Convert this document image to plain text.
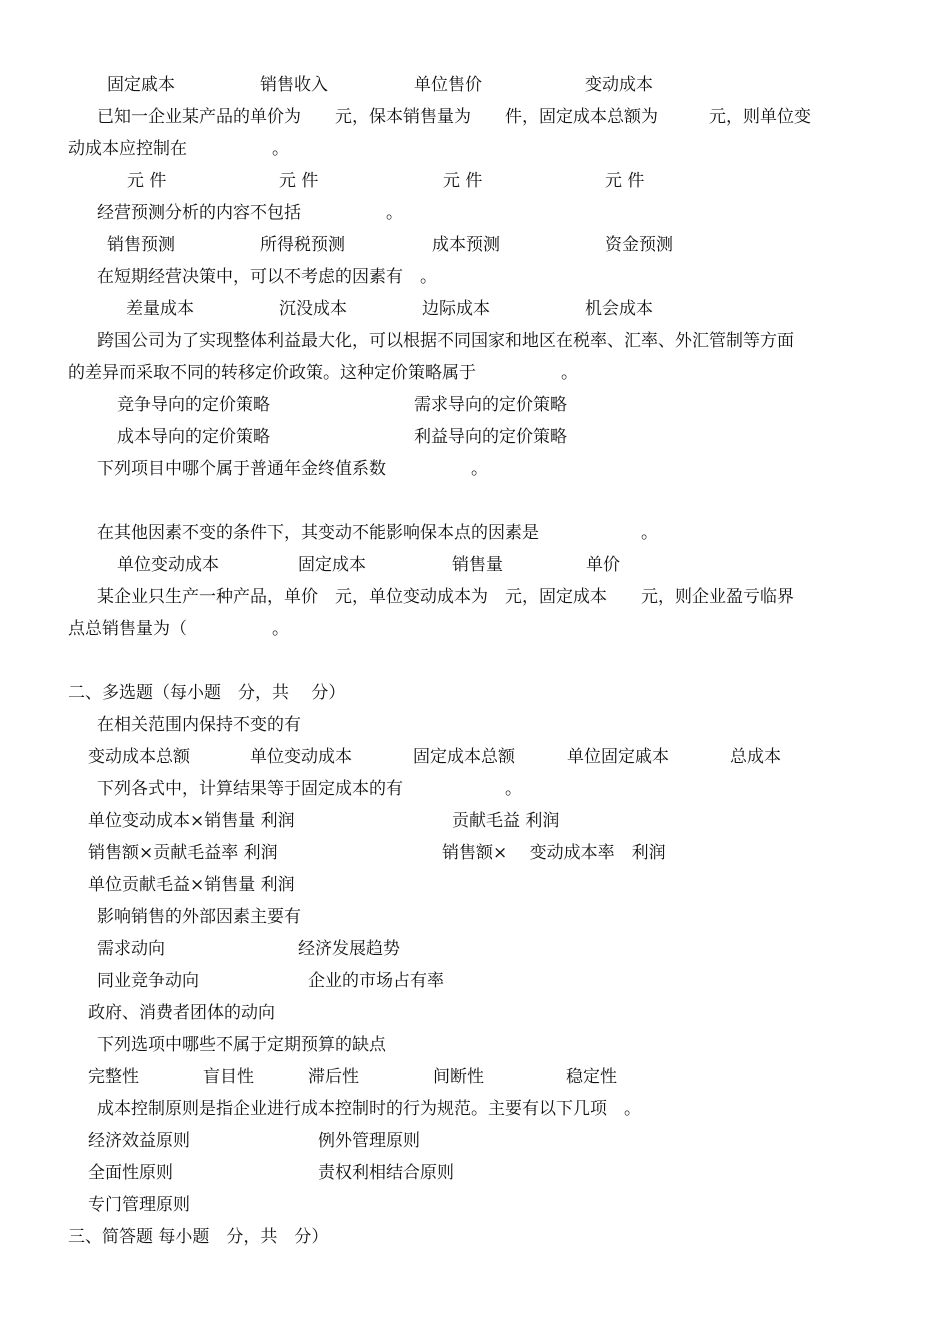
固定戚本	销售收入	单位售价	变动成本
已知一企业某产品的单价为　　元，保本销售量为　　件，固定成本总额为　　　元，则单位变
动成本应控制在　　　　　。
元 件	元 件	元 件	元 件
经营预测分析的内容不包括　　　　　。
销售预测	所得税预测	成本预测	资金预测
在短期经营决策中，可以不考虑的因素有　。
差量成本	沉没成本	边际成本	机会成本
跨国公司为了实现整体利益最大化，可以根据不同国家和地区在税率、汇率、外汇管制等方面
的差异而采取不同的转移定价政策。这种定价策略属于　　　　　。
竞争导向的定价策略	需求导向的定价策略
成本导向的定价策略	利益导向的定价策略
下列项目中哪个属于普通年金终值系数　　　　　。
在其他因素不变的条件下，其变动不能影响保本点的因素是　　　　　　。
单位变动成本	固定成本	销售量	单价
某企业只生产一种产品，单价　元，单位变动成本为　元，固定成本　　元，则企业盈亏临界
点总销售量为（　　　　　。
二、多选题（每小题　分，共　 分）
在相关范围内保持不变的有
变动成本总额	单位变动成本	固定成本总额	单位固定戚本	总成本
下列各式中，计算结果等于固定成本的有　　　　　　。
单位变动成本×销售量 利润	贡献毛益 利润
销售额×贡献毛益率 利润	销售额×　 变动成本率　利润
单位贡献毛益×销售量 利润
影响销售的外部因素主要有
需求动向	经济发展趋势
同业竞争动向	企业的市场占有率
政府、消费者团体的动向
下列选项中哪些不属于定期预算的缺点
完整性	盲目性	滞后性	间断性	稳定性
成本控制原则是指企业进行成本控制时的行为规范。主要有以下几项　。
经济效益原则	例外管理原则
全面性原则	责权利相结合原则
专门管理原则
三、简答题 每小题　分，共　分）
